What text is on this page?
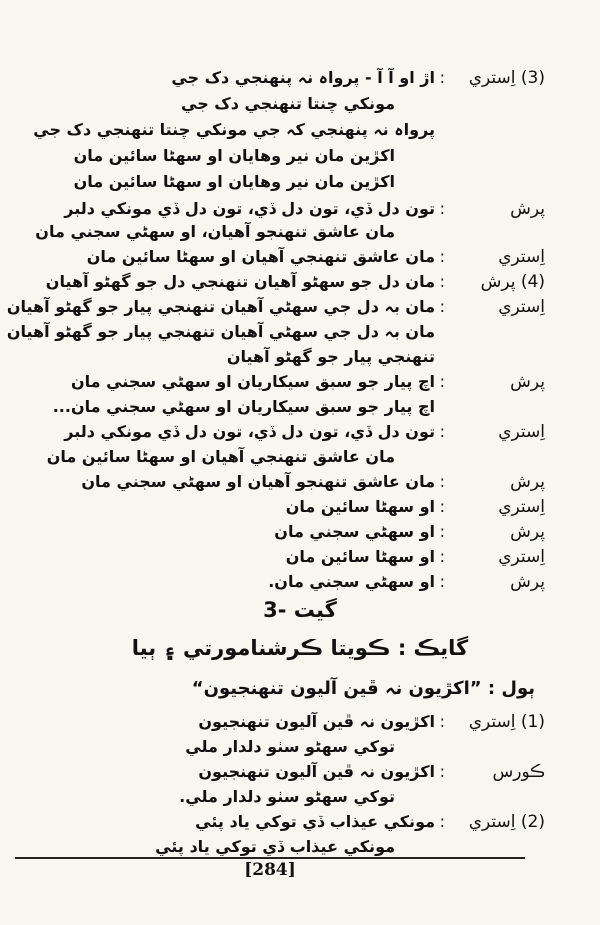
(3) اِستري
:
اڙ او آ آ - پرواہ نہ پنهنجي دک جي
مونکي چنتا تنهنجي دک جي
پرواہ نہ پنهنجي کہ جي مونکي چنتا تنهنجي دک جي
اکڙين مان نير وهايان او سهڻا سائين مان
اکڙين مان نير وهايان او سهڻا سائين مان
پرش
:
تون دل ڏي، تون دل ڏي، تون دل ڏي مونکي دلبر
مان عاشق تنهنجو آهيان، او سهڻي سجني مان
اِستري
:
مان عاشق تنهنجي آهيان او سهڻا سائين مان
(4) پرش
:
مان دل جو سهڻو آهيان تنهنجي دل جو گهڻو آهيان
اِستري
:
مان بہ دل جي سهڻي آهيان تنهنجي پيار جو گهڻو آهيان
مان بہ دل جي سهڻي آهيان تنهنجي پيار جو گهڻو آهيان
تنهنجي پيار جو گهڻو آهيان
پرش
:
اچ پيار جو سبق سيکاريان او سهڻي سجني مان
اچ پيار جو سبق سيکاريان او سهڻي سجني مان...
اِستري
:
تون دل ڏي، تون دل ڏي، تون دل ڏي مونکي دلبر
مان عاشق تنهنجي آهيان او سهڻا سائين مان
پرش
:
مان عاشق تنهنجو آهيان او سهڻي سجني مان
اِستري
:
او سهڻا سائين مان
پرش
:
او سهڻي سجني مان
اِستري
:
او سهڻا سائين مان
پرش
:
او سهڻي سجني مان.
(1) اِستري
:
اکڙيون نہ ڦين آليون تنهنجيون
توکي سهڻو سٺو دلدار ملي
ڪورس
:
اکڙيون نہ ڦين آليون تنهنجيون
توکي سهڻو سٺو دلدار ملي.
(2) اِستري
:
مونکي عيذاب ڏي توکي ياد پئي
مونکي عيذاب ڏي توکي ياد پئي
گيت -3
گايڪ : ڪويتا ڪرشنامورتي ۽ ٻيا
ٻول : ”اکڙيون نہ ڦين آليون تنهنجيون“
[284]
